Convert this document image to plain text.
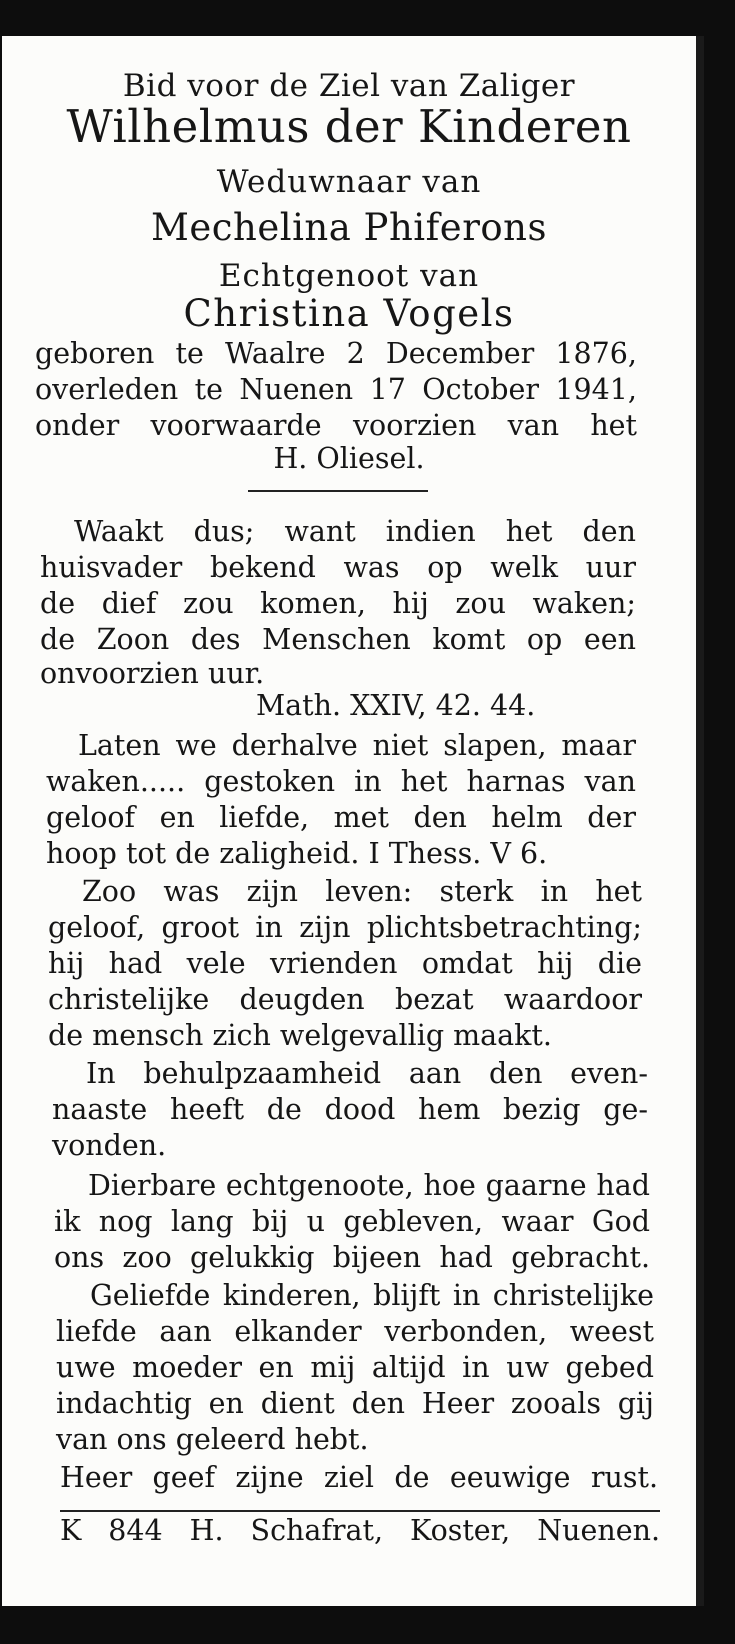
Bid voor de Ziel van Zaliger
Wilhelmus der Kinderen
Weduwnaar van
Mechelina Phiferons
Echtgenoot van
Christina Vogels
geboren te Waalre 2 December 1876,
overleden te Nuenen 17 October 1941,
onder voorwaarde voorzien van het
H. Oliesel.
Waakt dus; want indien het den
huisvader bekend was op welk uur
de dief zou komen, hij zou waken;
de Zoon des Menschen komt op een
onvoorzien uur.
Math. XXIV, 42. 44.
Laten we derhalve niet slapen, maar
waken..... gestoken in het harnas van
geloof en liefde, met den helm der
hoop tot de zaligheid. I Thess. V 6.
Zoo was zijn leven: sterk in het
geloof, groot in zijn plichtsbetrachting;
hij had vele vrienden omdat hij die
christelijke deugden bezat waardoor
de mensch zich welgevallig maakt.
In behulpzaamheid aan den even-
naaste heeft de dood hem bezig ge-
vonden.
Dierbare echtgenoote, hoe gaarne had
ik nog lang bij u gebleven, waar God
ons zoo gelukkig bijeen had gebracht.
Geliefde kinderen, blijft in christelijke
liefde aan elkander verbonden, weest
uwe moeder en mij altijd in uw gebed
indachtig en dient den Heer zooals gij
van ons geleerd hebt.
Heer geef zijne ziel de eeuwige rust.
K 844 H. Schafrat, Koster, Nuenen.
